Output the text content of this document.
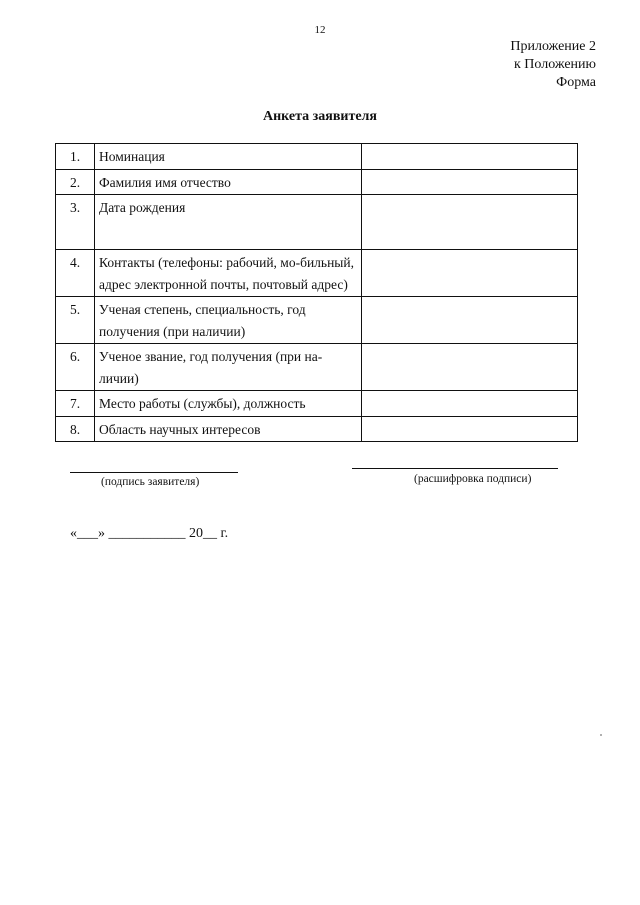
12
Приложение 2
к Положению
Форма
Анкета заявителя
1.	Номинация	
2.	Фамилия имя отчество	
3.	Дата рождения	
4.	Контакты (телефоны: рабочий, мо-бильный, адрес электронной почты, почтовый адрес)	
5.	Ученая степень, специальность, год получения (при наличии)	
6.	Ученое звание, год получения (при на-личии)	
7.	Место работы (службы), должность	
8.	Область научных интересов	
(подпись заявителя)	(расшифровка подписи)
«___» ___________ 20__ г.
